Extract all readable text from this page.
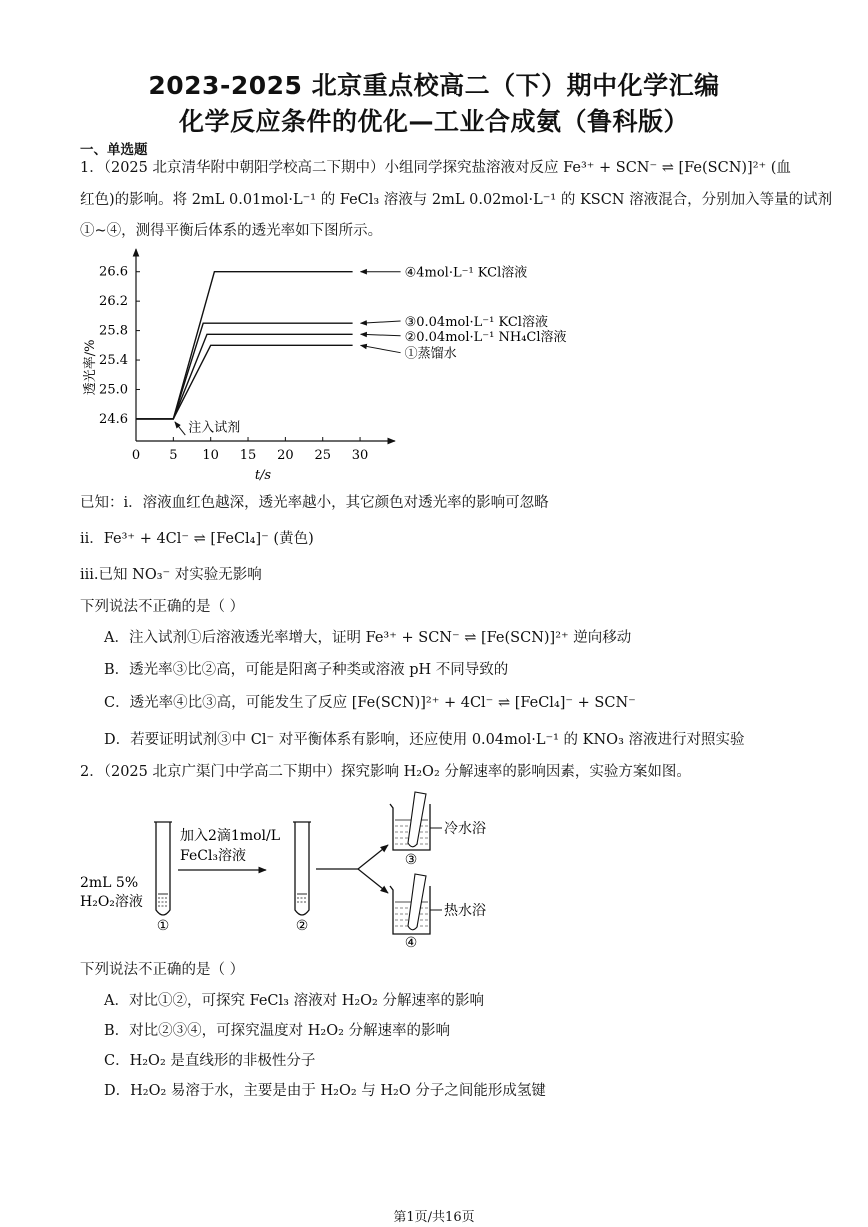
2023-2025 北京重点校高二（下）期中化学汇编
化学反应条件的优化—工业合成氨（鲁科版）
一、单选题
1．（2025 北京清华附中朝阳学校高二下期中）小组同学探究盐溶液对反应 Fe³⁺ + SCN⁻ ⇌ [Fe(SCN)]²⁺ (血
红色)的影响。将 2mL 0.01mol·L⁻¹ 的 FeCl₃ 溶液与 2mL 0.02mol·L⁻¹ 的 KSCN 溶液混合，分别加入等量的试剂
①~④，测得平衡后体系的透光率如下图所示。
0 5 10 15 20 25 30
24.6
25.0
25.4
25.8
26.2
26.6
t/s
透光率/%
④4mol·L⁻¹ KCl溶液
③0.04mol·L⁻¹ KCl溶液
②0.04mol·L⁻¹ NH₄Cl溶液
①蒸馏水
注入试剂
已知：i．溶液血红色越深，透光率越小，其它颜色对透光率的影响可忽略
ii．Fe³⁺ + 4Cl⁻ ⇌ [FeCl₄]⁻ (黄色)
iii.已知 NO₃⁻ 对实验无影响
下列说法不正确的是（ ）
A．注入试剂①后溶液透光率增大，证明 Fe³⁺ + SCN⁻ ⇌ [Fe(SCN)]²⁺ 逆向移动
B．透光率③比②高，可能是阳离子种类或溶液 pH 不同导致的
C．透光率④比③高，可能发生了反应 [Fe(SCN)]²⁺ + 4Cl⁻ ⇌ [FeCl₄]⁻ + SCN⁻
D．若要证明试剂③中 Cl⁻ 对平衡体系有影响，还应使用 0.04mol·L⁻¹ 的 KNO₃ 溶液进行对照实验
2．（2025 北京广渠门中学高二下期中）探究影响 H₂O₂ 分解速率的影响因素，实验方案如图。
①
2mL 5%
H₂O₂溶液
加入2滴1mol/L
FeCl₃溶液
②
冷水浴
③
热水浴
④
下列说法不正确的是（ ）
A．对比①②，可探究 FeCl₃ 溶液对 H₂O₂ 分解速率的影响
B．对比②③④，可探究温度对 H₂O₂ 分解速率的影响
C．H₂O₂ 是直线形的非极性分子
D．H₂O₂ 易溶于水，主要是由于 H₂O₂ 与 H₂O 分子之间能形成氢键
第1页/共16页
